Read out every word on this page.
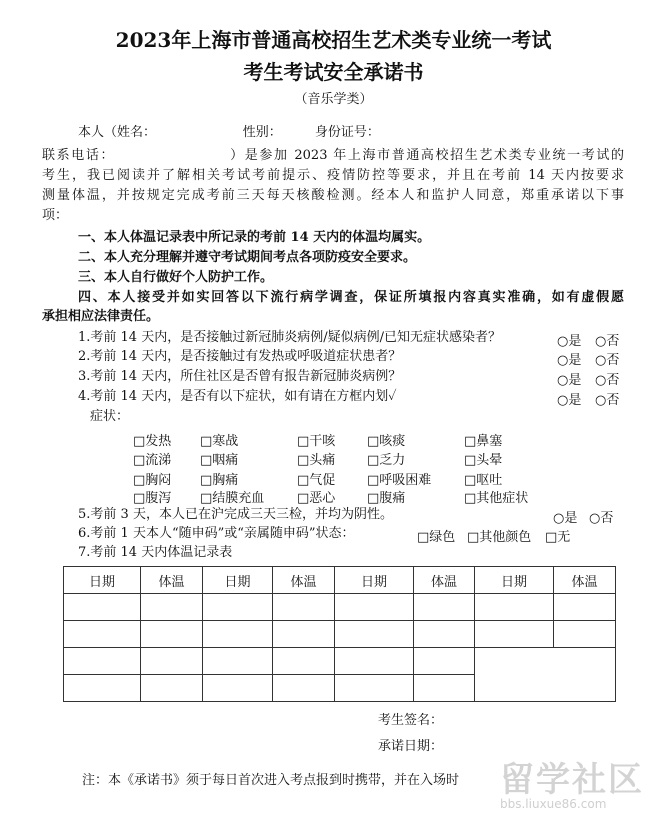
2023年上海市普通高校招生艺术类专业统一考试
考生考试安全承诺书
（音乐学类）
本人（姓名：                     性别：        身份证号：
联系电话：                    ）是参加 2023 年上海市普通高校招生艺术类专业统一考试的
考生，我已阅读并了解相关考试考前提示、疫情防控等要求，并且在考前 14 天内按要求
测量体温，并按规定完成考前三天每天核酸检测。经本人和监护人同意，郑重承诺以下事
项：
一、本人体温记录表中所记录的考前 14 天内的体温均属实。
二、本人充分理解并遵守考试期间考点各项防疫安全要求。
三、本人自行做好个人防护工作。
四、本人接受并如实回答以下流行病学调查，保证所填报内容真实准确，如有虚假愿
承担相应法律责任。
1.考前 14 天内，是否接触过新冠肺炎病例/疑似病例/已知无症状感染者？
2.考前 14 天内，是否接触过有发热或呼吸道症状患者？
3.考前 14 天内，所住社区是否曾有报告新冠肺炎病例？
4.考前 14 天内，是否有以下症状，如有请在方框内划✓
○是 ○否
○是 ○否
○是 ○否
○是 ○否
症状：
□发热 □寒战	□干咳 □咳痰	□鼻塞
□流涕 □咽痛	□头痛 □乏力	□头晕
□胸闷 □胸痛	□气促 □呼吸困难	□呕吐
□腹泻 □结膜充血	□恶心 □腹痛	□其他症状
5.考前 3 天，本人已在沪完成三天三检，并均为阴性。	○是 ○否
6.考前 1 天本人“随申码”或“亲属随申码”状态：	□绿色 □其他颜色 □无
7.考前 14 天内体温记录表
日期	体温	日期	体温	日期	体温	日期	体温

考生签名：
承诺日期：
注：本《承诺书》须于每日首次进入考点报到时携带，并在入场时 留学社区
bbs.liuxue86.com
